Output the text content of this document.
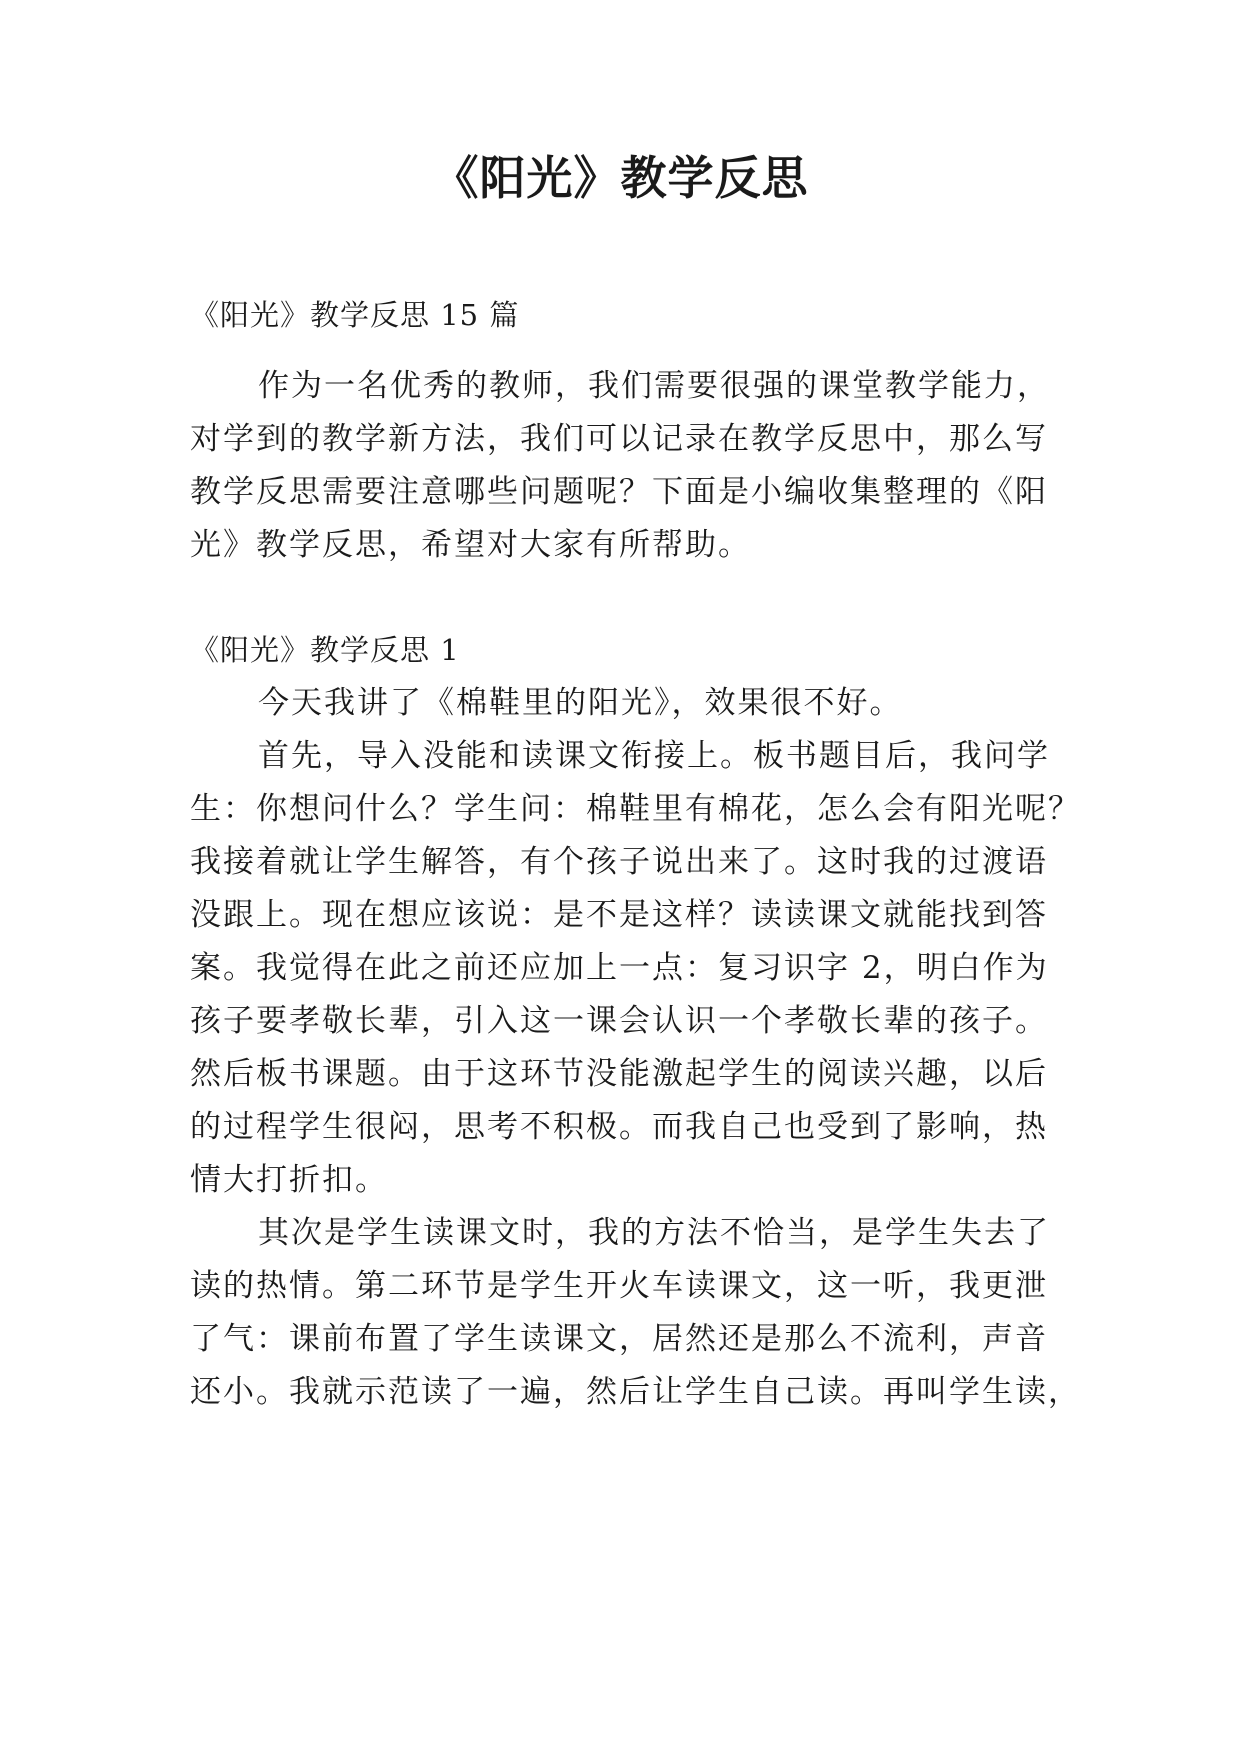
《阳光》教学反思
《阳光》教学反思 15 篇
作为一名优秀的教师，我们需要很强的课堂教学能力，
对学到的教学新方法，我们可以记录在教学反思中，那么写
教学反思需要注意哪些问题呢？下面是小编收集整理的《阳
光》教学反思，希望对大家有所帮助。
《阳光》教学反思 1
今天我讲了《棉鞋里的阳光》，效果很不好。
首先，导入没能和读课文衔接上。板书题目后，我问学
生：你想问什么？学生问：棉鞋里有棉花，怎么会有阳光呢？
我接着就让学生解答，有个孩子说出来了。这时我的过渡语
没跟上。现在想应该说：是不是这样？读读课文就能找到答
案。我觉得在此之前还应加上一点：复习识字 2，明白作为
孩子要孝敬长辈，引入这一课会认识一个孝敬长辈的孩子。
然后板书课题。由于这环节没能激起学生的阅读兴趣，以后
的过程学生很闷，思考不积极。而我自己也受到了影响，热
情大打折扣。
其次是学生读课文时，我的方法不恰当，是学生失去了
读的热情。第二环节是学生开火车读课文，这一听，我更泄
了气：课前布置了学生读课文，居然还是那么不流利，声音
还小。我就示范读了一遍，然后让学生自己读。再叫学生读，
